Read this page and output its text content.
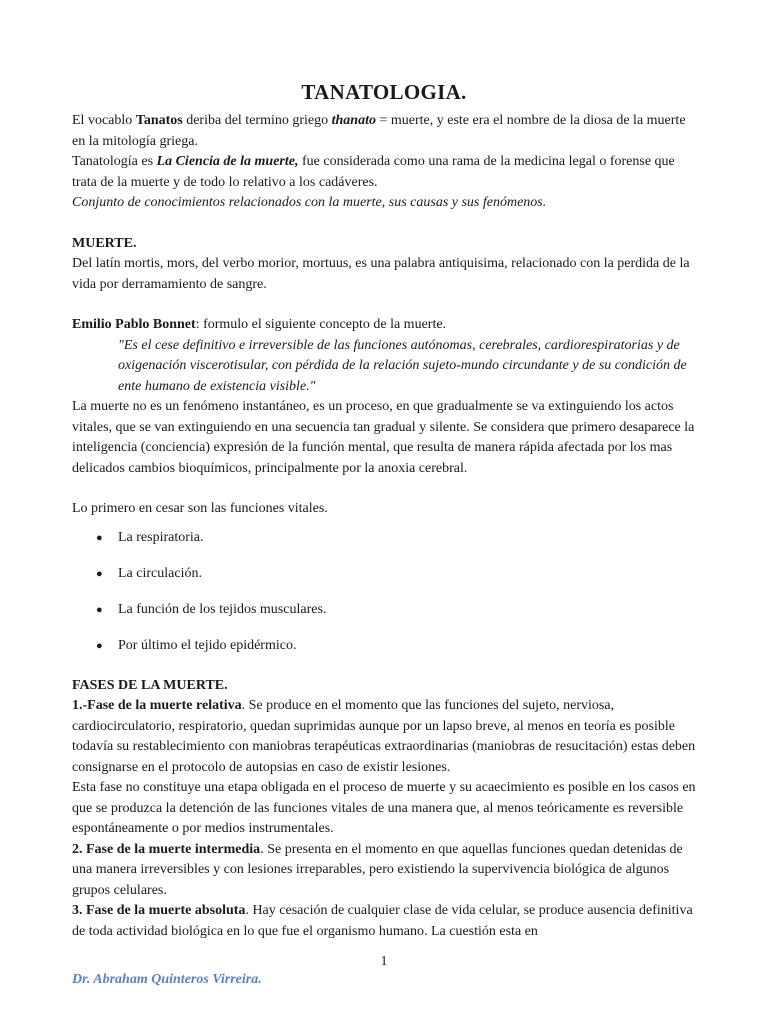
TANATOLOGIA.

El vocablo Tanatos deriba del termino griego thanato = muerte, y este era el nombre de la diosa de la muerte en la mitología griega.

Tanatología es La Ciencia de la muerte, fue considerada como una rama de la medicina legal o forense que trata de la muerte y de todo lo relativo a los cadáveres.

Conjunto de conocimientos relacionados con la muerte, sus causas y sus fenómenos.

MUERTE.

Del latín mortis, mors, del verbo morior, mortuus, es una palabra antiquisima, relacionado con la perdida de la vida por derramamiento de sangre.

Emilio Pablo Bonnet: formulo el siguiente concepto de la muerte.

"Es el cese definitivo e irreversible de las funciones autónomas, cerebrales, cardiorespiratorias y de oxigenación viscerotisular, con pérdida de la relación sujeto-mundo circundante y de su condición de ente humano de existencia visible."

La muerte no es un fenómeno instantáneo, es un proceso, en que gradualmente se va extinguiendo los actos vitales, que se van extinguiendo en una secuencia tan gradual y silente. Se considera que primero desaparece la inteligencia (conciencia) expresión de la función mental, que resulta de manera rápida afectada por los mas delicados cambios bioquímicos, principalmente por la anoxia cerebral.

Lo primero en cesar son las funciones vitales.

●	La respiratoria.
●	La circulación.
●	La función de los tejidos musculares.
●	Por último el tejido epidérmico.

FASES DE LA MUERTE.

1.-Fase de la muerte relativa. Se produce en el momento que las funciones del sujeto, nerviosa, cardiocirculatorio, respiratorio, quedan suprimidas aunque por un lapso breve, al menos en teoría es posible todavía su restablecimiento con maniobras terapéuticas extraordinarias (maniobras de resucitación) estas deben consignarse en el protocolo de autopsias en caso de existir lesiones.

Esta fase no constituye una etapa obligada en el proceso de muerte y su acaecimiento es posible en los casos en que se produzca la detención de las funciones vitales de una manera que, al menos teóricamente es reversible espontáneamente o por medios instrumentales.

2. Fase de la muerte intermedia. Se presenta en el momento en que aquellas funciones quedan detenidas de una manera irreversibles y con lesiones irreparables, pero existiendo la supervivencia biológica de algunos grupos celulares.

3. Fase de la muerte absoluta. Hay cesación de cualquier clase de vida celular, se produce ausencia definitiva de toda actividad biológica en lo que fue el organismo humano. La cuestión esta en

1
Dr. Abraham Quinteros Virreira.
